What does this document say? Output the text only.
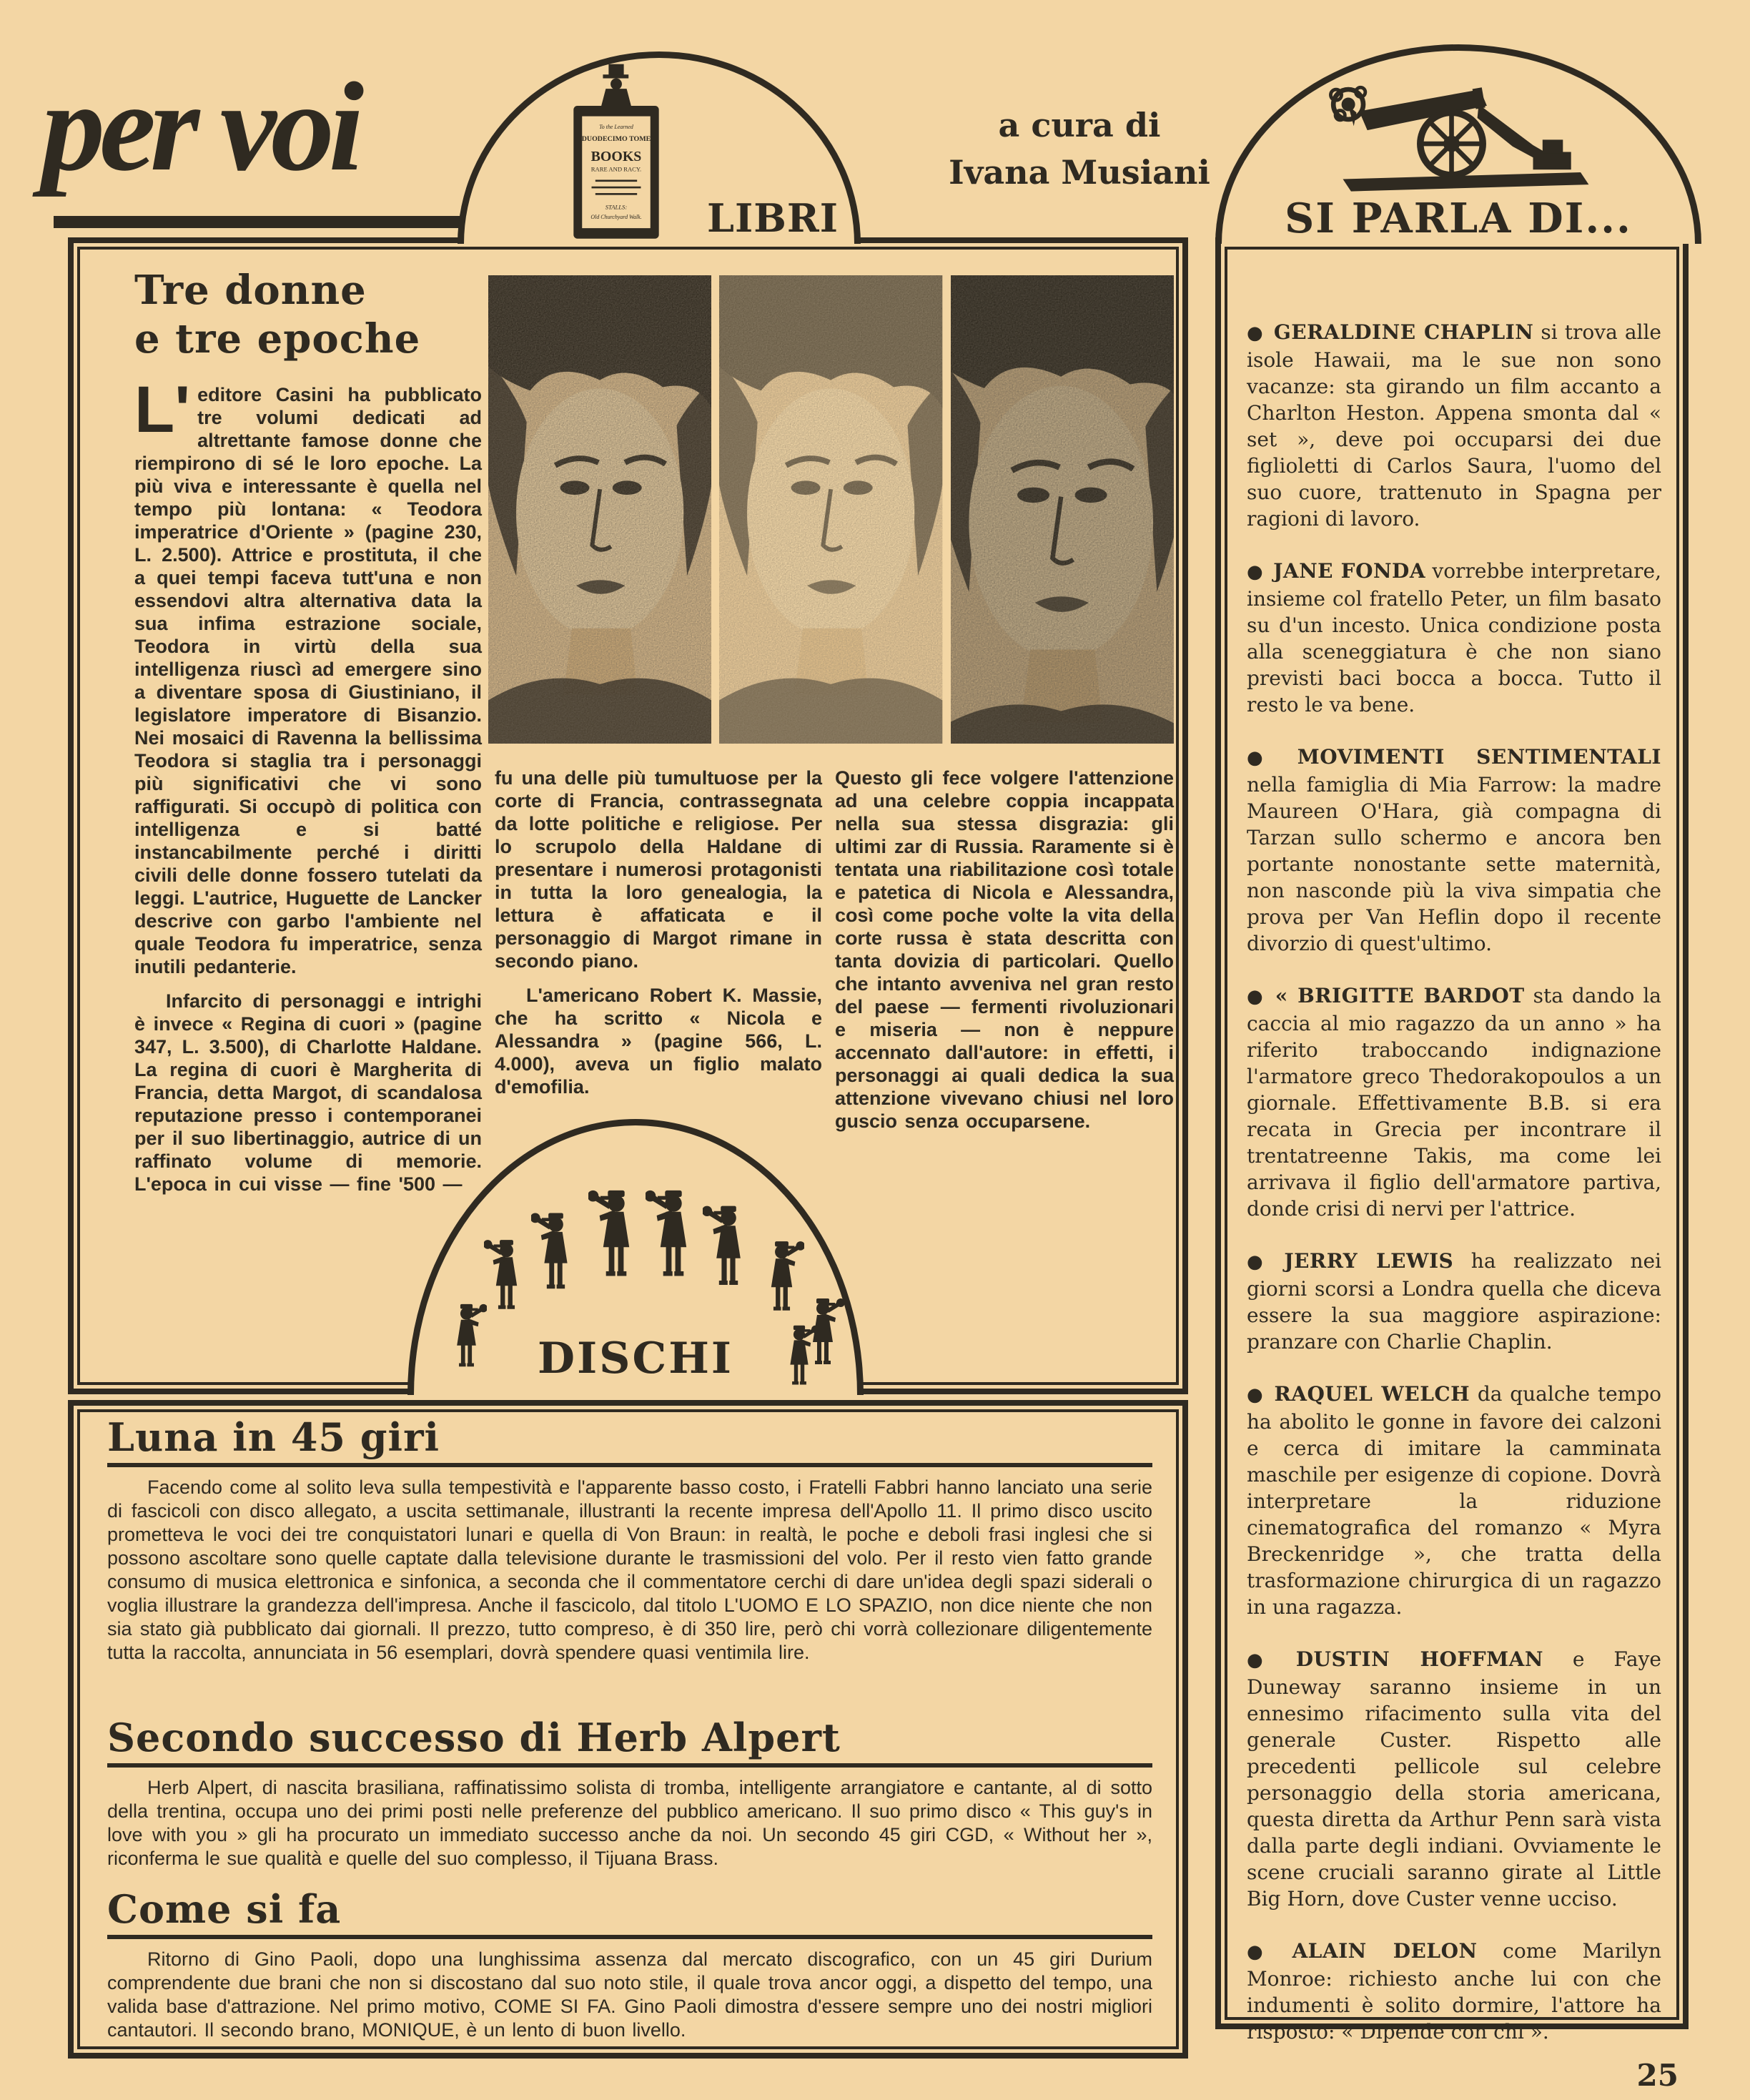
per voi	To the Learned
DUODECIMO TOME
BOOKS
RARE AND RACY.
STALLS:
Old Churchyard Walk. LIBRI
a cura di
Ivana Musiani
SI PARLA DI...
Tre donne
e tre epoche

L' editore Casini ha pubblicato tre volumi dedicati ad altrettante famose donne che riempirono di sé le loro epoche. La più viva e interessante è quella nel tempo più lontana: « Teodora imperatrice d'Oriente » (pagine 230, L. 2.500). Attrice e prostituta, il che a quei tempi faceva tutt'una e non essendovi altra alternativa data la sua infima estrazione sociale, Teodora in virtù della sua intelligenza riuscì ad emergere sino a diventare sposa di Giustiniano, il legislatore imperatore di Bisanzio. Nei mosaici di Ravenna la bellissima Teodora si staglia tra i personaggi più significativi che vi sono raffigurati. Si occupò di politica con intelligenza e si batté instancabilmente perché i diritti civili delle donne fossero tutelati da leggi. L'autrice, Huguette de Lancker descrive con garbo l'ambiente nel quale Teodora fu imperatrice, senza inutili pedanterie.

Infarcito di personaggi e intrighi è invece « Regina di cuori » (pagine 347, L. 3.500), di Charlotte Haldane. La regina di cuori è Margherita di Francia, detta Margot, di scandalosa reputazione presso i contemporanei per il suo libertinaggio, autrice di un raffinato volume di memorie. L'epoca in cui visse — fine '500 —

fu una delle più tumultuose per la corte di Francia, contrassegnata da lotte politiche e religiose. Per lo scrupolo della Haldane di presentare i numerosi protagonisti in tutta la loro genealogia, la lettura è affaticata e il personaggio di Margot rimane in secondo piano.

L'americano Robert K. Massie, che ha scritto « Nicola e Alessandra » (pagine 566, L. 4.000), aveva un figlio malato d'emofilia.

Questo gli fece volgere l'attenzione ad una celebre coppia incappata nella sua stessa disgrazia: gli ultimi zar di Russia. Raramente si è tentata una riabilitazione così totale e patetica di Nicola e Alessandra, così come poche volte la vita della corte russa è stata descritta con tanta dovizia di particolari. Quello che intanto avveniva nel gran resto del paese — fermenti rivoluzionari e miseria — non è neppure accennato dall'autore: in effetti, i personaggi ai quali dedica la sua attenzione vivevano chiusi nel loro guscio senza occuparsene.

DISCHI
Luna in 45 giri
Facendo come al solito leva sulla tempestività e l'apparente basso costo, i Fratelli Fabbri hanno lanciato una serie di fascicoli con disco allegato, a uscita settimanale, illustranti la recente impresa dell'Apollo 11. Il primo disco uscito prometteva le voci dei tre conquistatori lunari e quella di Von Braun: in realtà, le poche e deboli frasi inglesi che si possono ascoltare sono quelle captate dalla televisione durante le trasmissioni del volo. Per il resto vien fatto grande consumo di musica elettronica e sinfonica, a seconda che il commentatore cerchi di dare un'idea degli spazi siderali o voglia illustrare la grandezza dell'impresa. Anche il fascicolo, dal titolo L'UOMO E LO SPAZIO, non dice niente che non sia stato già pubblicato dai giornali. Il prezzo, tutto compreso, è di 350 lire, però chi vorrà collezionare diligentemente tutta la raccolta, annunciata in 56 esemplari, dovrà spendere quasi ventimila lire.
Secondo successo di Herb Alpert
Herb Alpert, di nascita brasiliana, raffinatissimo solista di tromba, intelligente arrangiatore e cantante, al di sotto della trentina, occupa uno dei primi posti nelle preferenze del pubblico americano. Il suo primo disco « This guy's in love with you » gli ha procurato un immediato successo anche da noi. Un secondo 45 giri CGD, « Without her », riconferma le sue qualità e quelle del suo complesso, il Tijuana Brass.
Come si fa
Ritorno di Gino Paoli, dopo una lunghissima assenza dal mercato discografico, con un 45 giri Durium comprendente due brani che non si discostano dal suo noto stile, il quale trova ancor oggi, a dispetto del tempo, una valida base d'attrazione. Nel primo motivo, COME SI FA. Gino Paoli dimostra d'essere sempre uno dei nostri migliori cantautori. Il secondo brano, MONIQUE, è un lento di buon livello.

● GERALDINE CHAPLIN si trova alle isole Hawaii, ma le sue non sono vacanze: sta girando un film accanto a Charlton Heston. Appena smonta dal « set », deve poi occuparsi dei due figlioletti di Carlos Saura, l'uomo del suo cuore, trattenuto in Spagna per ragioni di lavoro.

● JANE FONDA vorrebbe interpretare, insieme col fratello Peter, un film basato su d'un incesto. Unica condizione posta alla sceneggiatura è che non siano previsti baci bocca a bocca. Tutto il resto le va bene.

● MOVIMENTI SENTIMENTALI nella famiglia di Mia Farrow: la madre Maureen O'Hara, già compagna di Tarzan sullo schermo e ancora ben portante nonostante sette maternità, non nasconde più la viva simpatia che prova per Van Heflin dopo il recente divorzio di quest'ultimo.

● « BRIGITTE BARDOT sta dando la caccia al mio ragazzo da un anno » ha riferito traboccando indignazione l'armatore greco Thedorakopoulos a un giornale. Effettivamente B.B. si era recata in Grecia per incontrare il trentatreenne Takis, ma come lei arrivava il figlio dell'armatore partiva, donde crisi di nervi per l'attrice.

● JERRY LEWIS ha realizzato nei giorni scorsi a Londra quella che diceva essere la sua maggiore aspirazione: pranzare con Charlie Chaplin.

● RAQUEL WELCH da qualche tempo ha abolito le gonne in favore dei calzoni e cerca di imitare la camminata maschile per esigenze di copione. Dovrà interpretare la riduzione cinematografica del romanzo « Myra Breckenridge », che tratta della trasformazione chirurgica di un ragazzo in una ragazza.

● DUSTIN HOFFMAN e Faye Duneway saranno insieme in un ennesimo rifacimento sulla vita del generale Custer. Rispetto alle precedenti pellicole sul celebre personaggio della storia americana, questa diretta da Arthur Penn sarà vista dalla parte degli indiani. Ovviamente le scene cruciali saranno girate al Little Big Horn, dove Custer venne ucciso.

● ALAIN DELON come Marilyn Monroe: richiesto anche lui con che indumenti è solito dormire, l'attore ha risposto: « Dipende con chi ».

25
